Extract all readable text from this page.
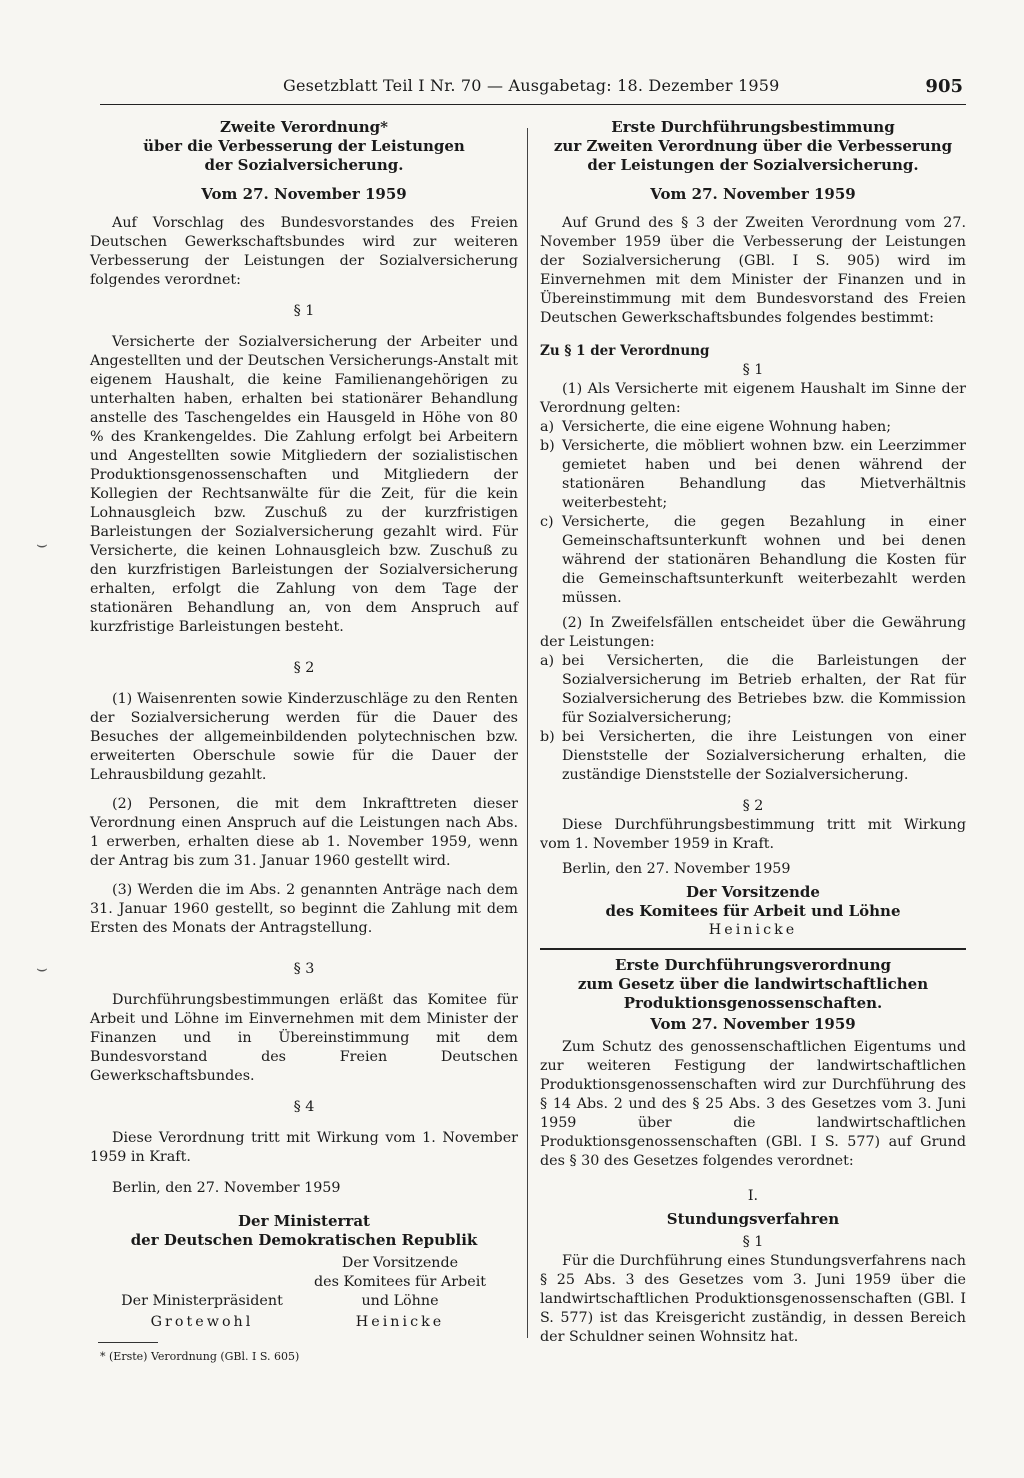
Gesetzblatt Teil I Nr. 70 — Ausgabetag: 18. Dezember 1959	905
⌣
⌣
Zweite Verordnung*
über die Verbesserung der Leistungen
der Sozialversicherung.
Vom 27. November 1959

Auf Vorschlag des Bundesvorstandes des Freien Deutschen Gewerkschaftsbundes wird zur weiteren Verbesserung der Leistungen der Sozialversicherung folgendes verordnet:

§ 1

Versicherte der Sozialversicherung der Arbeiter und Angestellten und der Deutschen Versicherungs-Anstalt mit eigenem Haushalt, die keine Familienangehörigen zu unterhalten haben, erhalten bei stationärer Behandlung anstelle des Taschengeldes ein Hausgeld in Höhe von 80 % des Krankengeldes. Die Zahlung erfolgt bei Arbeitern und Angestellten sowie Mitgliedern der sozialistischen Produktionsgenossenschaften und Mitgliedern der Kollegien der Rechtsanwälte für die Zeit, für die kein Lohnausgleich bzw. Zuschuß zu der kurzfristigen Barleistungen der Sozialversicherung gezahlt wird. Für Versicherte, die keinen Lohnausgleich bzw. Zuschuß zu den kurzfristigen Barleistungen der Sozialversicherung erhalten, erfolgt die Zahlung von dem Tage der stationären Behandlung an, von dem Anspruch auf kurzfristige Barleistungen besteht.

§ 2

(1) Waisenrenten sowie Kinderzuschläge zu den Renten der Sozialversicherung werden für die Dauer des Besuches der allgemeinbildenden polytechnischen bzw. erweiterten Oberschule sowie für die Dauer der Lehrausbildung gezahlt.

(2) Personen, die mit dem Inkrafttreten dieser Verordnung einen Anspruch auf die Leistungen nach Abs. 1 erwerben, erhalten diese ab 1. November 1959, wenn der Antrag bis zum 31. Januar 1960 gestellt wird.

(3) Werden die im Abs. 2 genannten Anträge nach dem 31. Januar 1960 gestellt, so beginnt die Zahlung mit dem Ersten des Monats der Antragstellung.

§ 3

Durchführungsbestimmungen erläßt das Komitee für Arbeit und Löhne im Einvernehmen mit dem Minister der Finanzen und in Übereinstimmung mit dem Bundesvorstand des Freien Deutschen Gewerkschaftsbundes.

§ 4

Diese Verordnung tritt mit Wirkung vom 1. November 1959 in Kraft.

Berlin, den 27. November 1959

Der Ministerrat
der Deutschen Demokratischen Republik
Der Ministerpräsident
Grotewohl
Der Vorsitzende
des Komitees für Arbeit
und Löhne
Heinicke
* (Erste) Verordnung (GBl. I S. 605)
Erste Durchführungsbestimmung
zur Zweiten Verordnung über die Verbesserung
der Leistungen der Sozialversicherung.
Vom 27. November 1959

Auf Grund des § 3 der Zweiten Verordnung vom 27. November 1959 über die Verbesserung der Leistungen der Sozialversicherung (GBl. I S. 905) wird im Einvernehmen mit dem Minister der Finanzen und in Übereinstimmung mit dem Bundesvorstand des Freien Deutschen Gewerkschaftsbundes folgendes bestimmt:

Zu § 1 der Verordnung
§ 1

(1) Als Versicherte mit eigenem Haushalt im Sinne der Verordnung gelten:

a) Versicherte, die eine eigene Wohnung haben;
b) Versicherte, die möbliert wohnen bzw. ein Leerzimmer gemietet haben und bei denen während der stationären Behandlung das Mietverhältnis weiterbesteht;
c) Versicherte, die gegen Bezahlung in einer Gemeinschaftsunterkunft wohnen und bei denen während der stationären Behandlung die Kosten für die Gemeinschaftsunterkunft weiterbezahlt werden müssen.

(2) In Zweifelsfällen entscheidet über die Gewährung der Leistungen:

a) bei Versicherten, die die Barleistungen der Sozialversicherung im Betrieb erhalten, der Rat für Sozialversicherung des Betriebes bzw. die Kommission für Sozialversicherung;
b) bei Versicherten, die ihre Leistungen von einer Dienststelle der Sozialversicherung erhalten, die zuständige Dienststelle der Sozialversicherung.
§ 2

Diese Durchführungsbestimmung tritt mit Wirkung vom 1. November 1959 in Kraft.

Berlin, den 27. November 1959

Der Vorsitzende
des Komitees für Arbeit und Löhne
Heinicke
Erste Durchführungsverordnung
zum Gesetz über die landwirtschaftlichen
Produktionsgenossenschaften.
Vom 27. November 1959

Zum Schutz des genossenschaftlichen Eigentums und zur weiteren Festigung der landwirtschaftlichen Produktionsgenossenschaften wird zur Durchführung des § 14 Abs. 2 und des § 25 Abs. 3 des Gesetzes vom 3. Juni 1959 über die landwirtschaftlichen Produktionsgenossenschaften (GBl. I S. 577) auf Grund des § 30 des Gesetzes folgendes verordnet:

I.
Stundungsverfahren
§ 1

Für die Durchführung eines Stundungsverfahrens nach § 25 Abs. 3 des Gesetzes vom 3. Juni 1959 über die landwirtschaftlichen Produktionsgenossenschaften (GBl. I S. 577) ist das Kreisgericht zuständig, in dessen Bereich der Schuldner seinen Wohnsitz hat.
